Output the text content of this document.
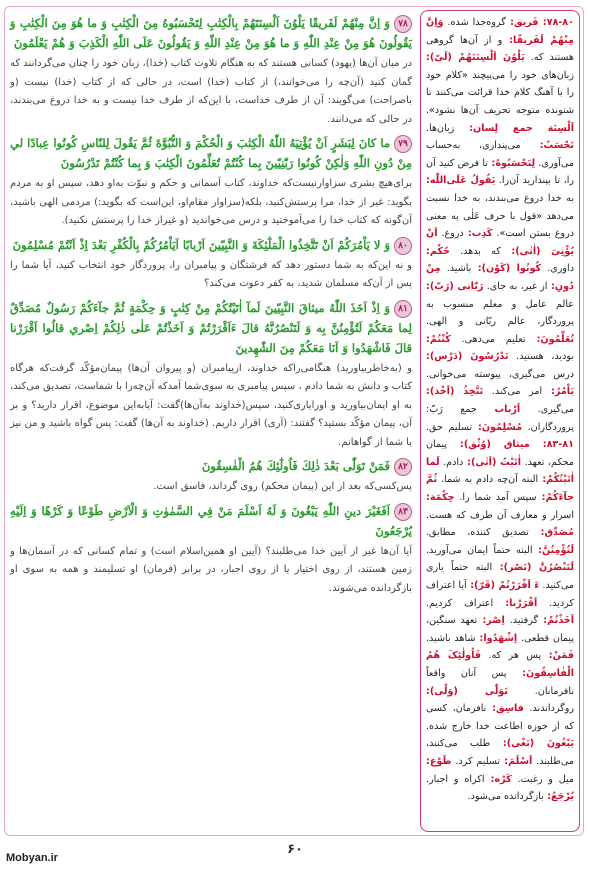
۷۸وَ اِنَّ مِنْهُمْ لَفَريقًا يَلْوُنَ اَلْسِنَتَهُمْ بِالْكِتٰبِ لِتَحْسَبُوهُ مِنَ الْكِتٰبِ وَ ما هُوَ مِنَ الْكِتٰبِ وَ يَقُولُونَ هُوَ مِنْ عِنْدِ اللّٰهِ وَ ما هُوَ مِنْ عِنْدِ اللّٰهِ وَ يَقُولُونَ عَلَى اللّٰهِ الْكَذِبَ وَ هُمْ يَعْلَمُونَ
در میان آن‌ها (یهود) کسانی هستند که به هنگام تلاوت کتاب (خدا)، زبان خود را چنان می‌گردانند که گمان کنید (آن‌چه را می‌خوانند،) از کتاب (خدا) است، در حالی که از کتاب (خدا) نیست (و باصراحت) می‌گویند: آن از طرف خداست، با این‌که از طرف خدا نیست و به خدا دروغ می‌بندند، در حالی که می‌دانند.
۷۹ما كانَ لِبَشَرٍ اَنْ يُؤْتِيَهُ اللّٰهُ الْكِتٰبَ وَ الْحُكْمَ وَ النُّبُوَّةَ ثُمَّ يَقُولَ لِلنّاسِ كُونُوا عِبادًا لي مِنْ دُونِ اللّٰهِ وَلٰكِنْ كُونُوا رَبّٰنِيّينَ بِما كُنْتُمْ تُعَلِّمُونَ الْكِتٰبَ وَ بِما كُنْتُمْ تَدْرُسُونَ
برای‌هیچ بشری سزاوارنیست‌که خداوند، کتاب آسمانی و حکم و نبوّت به‌او دهد، سپس او به مردم بگوید: غیر از خدا، مرا پرستش‌کنید، بلکه(سزاوار مقام‌او، این‌است که بگوید:) مردمی الهی باشید، آن‌گونه که کتاب خدا را می‌آموختید و درس می‌خواندید (و غیراز خدا را پرستش نکنید).
۸۰وَ لا يَاْمُرَكُمْ اَنْ تَتَّخِذُوا الْمَلٰٓئِكَةَ وَ النَّبِيّينَ اَرْبابًا اَيَاْمُرُكُمْ بِالْكُفْرِ بَعْدَ اِذْ اَنْتُمْ مُسْلِمُونَ
و نه این‌که به شما دستور دهد که فرشتگان و پیامبران را، پروردگار خود انتخاب کنید، آیا شما را پس از آن‌که مسلمان شدید، به کفر دعوت می‌کند؟
۸۱وَ اِذْ اَخَذَ اللّٰهُ ميثاقَ النَّبِيّينَ لَمآ اٰتَيْتُكُمْ مِنْ كِتٰبٍ وَ حِكْمَةٍ ثُمَّ جآءَكُمْ رَسُولٌ مُصَدِّقٌ لِما مَعَكُمْ لَتُؤْمِنُنَّ بِه وَ لَتَنْصُرُنَّهُ قالَ ءَاَقْرَرْتُمْ وَ اَخَذْتُمْ عَلٰى ذٰلِكُمْ اِصْري قالُوا اَقْرَرْنا قالَ فَاشْهَدُوا وَ اَنَا مَعَكُمْ مِنَ الشّٰهِدينَ
و (به‌خاطربیاورید) هنگامی‌راکه خداوند، ازپیامبران (و پیروان آن‌ها) پیمان‌مؤکّد گرفت‌که هرگاه کتاب و دانش به شما دادم ، سپس پیامبری به سوی‌شما آمدکه آن‌چه‌را با شماست، تصدیق می‌کند، به او ایمان‌بیاورید و اوراياری‌کنید، سپس(خداوند به‌آن‌ها)گفت: آیابه‌این موضوع، اقرار دارید؟ و بر آن، پیمان مؤکّد بستید؟ گفتند: (آری) اقرار داریم. (خداوند به آن‌ها) گفت: پس گواه باشید و من نیز با شما از گواهانم.
۸۲فَمَنْ تَوَلّٰى بَعْدَ ذٰلِكَ فَاُولٰٓئِكَ هُمُ الْفٰسِقُونَ
پس‌کسی‌که بعد از این (پیمان محکم) روی گرداند، فاسق است.
۸۳اَفَغَيْرَ دينِ اللّٰهِ يَبْغُونَ وَ لَهُ اَسْلَمَ مَنْ فِي السَّمٰوٰتِ وَ الْاَرْضِ طَوْعًا وَ كَرْهًا وَ اِلَيْهِ يُرْجَعُونَ
آیا آن‌ها غیر از آیین خدا می‌طلبند؟ (آیین او همین‌اسلام است) و تمام کسانی که در آسمان‌ها و زمین هستند، از روی اختیار یا از روی اجبار، در برابر (فرمان) او تسلیمند و همه به سوی او بازگردانده می‌شوند.
۷۸-۸۰: فَریق: گروه‌جدا شده. وَاِنَّ مِنْهُمْ لَفَریقًا: و از آن‌ها گروهی هستند که. یَلْوُنَ اَلْسِنَتَهُمْ (لَیّ): زبان‌های خود را می‌پیچند «کلام خود را با آهنگ کلام خدا قرائت می‌کنند تا شنونده متوجه تحریف آن‌ها نشود». اَلْسِنَة جمع لِسان: زبان‌ها. تَحْسَبُ: می‌پنداری، به‌حساب می‌آوری. لِتَحْسَبُوهُ: تا فرض کنید آن را، تا بپندارید آن‌را. یَقُولُ عَلَی‌اللّٰه: به خدا دروغ می‌بندند، به خدا نسبت می‌دهد «قول با حرف عَلٰی به معنی دروغ بستن است». کَذِب: دروغ. اَنْ یُؤْتِیَ (اٰتٰی): که بدهد. حُکْم: داوری. کُونُوا (کَوْن): باشید. مِنْ دُونِ: از غیر، به جای. رَبّٰانی (رَبّ): عالم عامل و معلم منسوب به پروردگار، عالم ربّانی و الهی. تُعَلِّمُونَ: تعلیم می‌دهی. کُنْتُمْ: بودید، هستید. تَدْرُسُونَ (دَرْس): درس می‌گیری، پیوسته می‌خوانی. یَاْمُرُ: امر می‌کند. تَتَّخِذُ (اَخْذ): می‌گیری. اَرْباب جمع رَبّ: پروردگاران. مُسْلِمُونَ: تسلیم حق. ۸۱-۸۳: میثاق (وُثْق): پیمان محکم، تعهد. اٰتَیْتُ (اَتٰی): دادم. لَما اٰتَیْتُکُمْ: البته آن‌چه دادم به شما. ثُمَّ جآءَکُمْ: سپس آمد شما را. حِکْمَة: اسرار و معارف آن طرف که هست. مُصَدِّق: تصدیق کننده، مطابق. لَتُؤْمِنُنَّ: البته حتماً ایمان می‌آورید. لَتَنْصُرُنَّ (نَصْر): البته حتماً یاری می‌کنید. ءَ اَقْرَرْتُمْ (قَرّ): آیا اعتراف کردید. اَقْرَرْنا: اعتراف کردیم. اَخَذْتُمْ: گرفتید. اِصْر: تعهد سنگین، پیمان قطعی. اِشْهَدُوا: شاهد باشید. فَمَنْ: پس هر که. فَاُولٰئِکَ هُمُ الْفٰاسِقُونَ: پس آنان واقعاً نافرمانان. تَوَلّٰی (وَلْی): روگرداندند. فاسِق: نافرمان، کسی که از حوزه اطاعت خدا خارج شده. یَبْغُونَ (بَغْی): طلب می‌کنند، می‌طلبند. اَسْلَمَ: تسلیم کرد. طَوْع: میل و رغبت. کَرْه: اکراه و اجبار. یُرْجَعُ: بازگردانده می‌شود.
۶۰
Mobyan.ir
